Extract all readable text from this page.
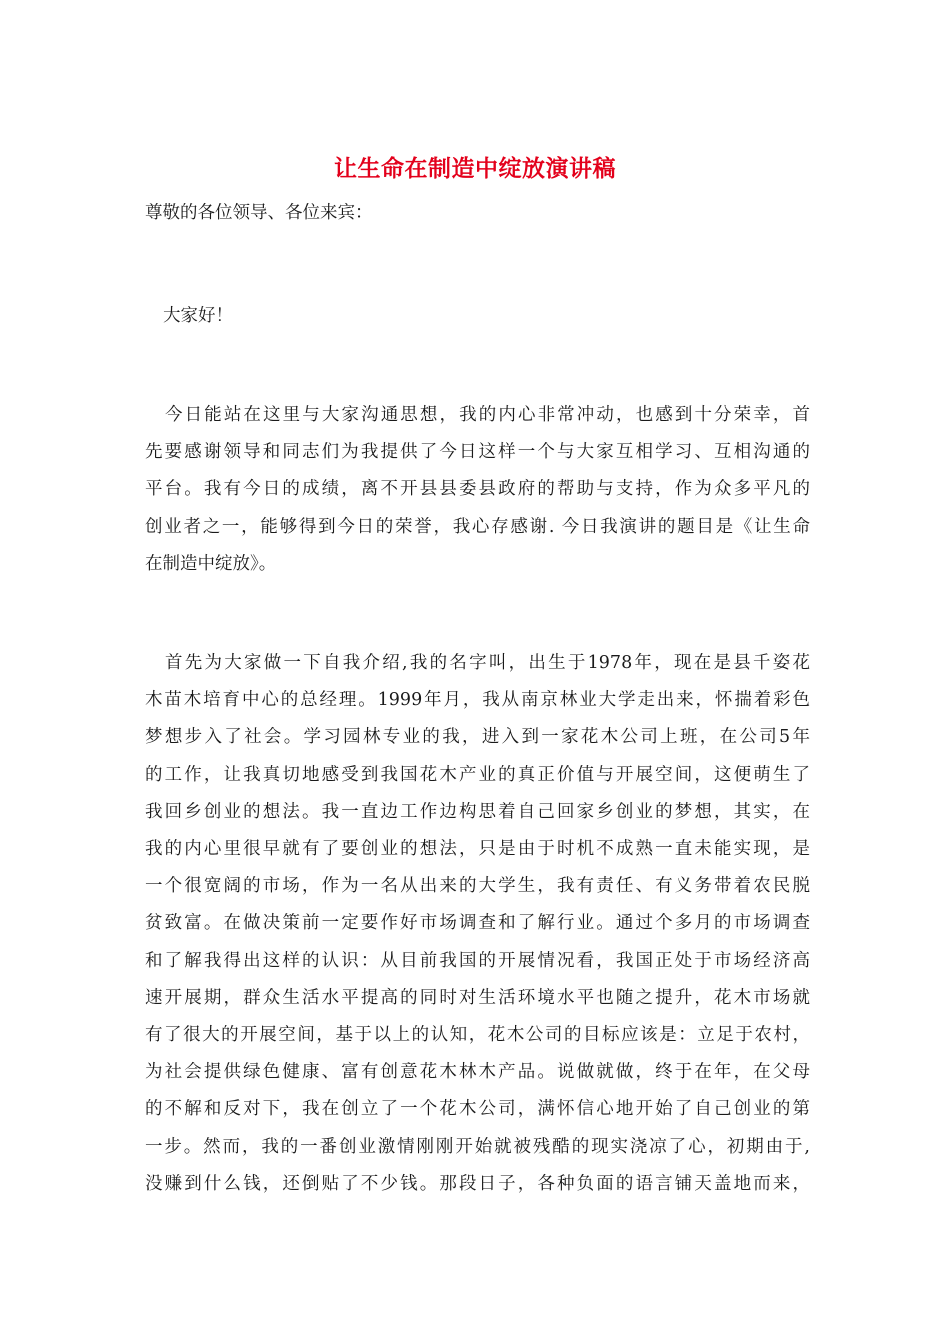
让生命在制造中绽放演讲稿

尊敬的各位领导、各位来宾：

大家好！

今日能站在这里与大家沟通思想，我的内心非常冲动，也感到十分荣幸，首
先要感谢领导和同志们为我提供了今日这样一个与大家互相学习、互相沟通的
平台。我有今日的成绩，离不开县县委县政府的帮助与支持，作为众多平凡的
创业者之一，能够得到今日的荣誉，我心存感谢. 今日我演讲的题目是《让生命
在制造中绽放》。
首先为大家做一下自我介绍,我的名字叫，出生于1978年，现在是县千姿花
木苗木培育中心的总经理。1999年月，我从南京林业大学走出来，怀揣着彩色
梦想步入了社会。学习园林专业的我，进入到一家花木公司上班，在公司5年
的工作，让我真切地感受到我国花木产业的真正价值与开展空间，这便萌生了
我回乡创业的想法。我一直边工作边构思着自己回家乡创业的梦想，其实，在
我的内心里很早就有了要创业的想法，只是由于时机不成熟一直未能实现，是
一个很宽阔的市场，作为一名从出来的大学生，我有责任、有义务带着农民脱
贫致富。在做决策前一定要作好市场调查和了解行业。通过个多月的市场调查
和了解我得出这样的认识：从目前我国的开展情况看，我国正处于市场经济高
速开展期，群众生活水平提高的同时对生活环境水平也随之提升，花木市场就
有了很大的开展空间，基于以上的认知，花木公司的目标应该是：立足于农村，
为社会提供绿色健康、富有创意花木林木产品。说做就做，终于在年，在父母
的不解和反对下，我在创立了一个花木公司，满怀信心地开始了自己创业的第
一步。然而，我的一番创业激情刚刚开始就被残酷的现实浇凉了心，初期由于,
没赚到什么钱，还倒贴了不少钱。那段日子，各种负面的语言铺天盖地而来，
